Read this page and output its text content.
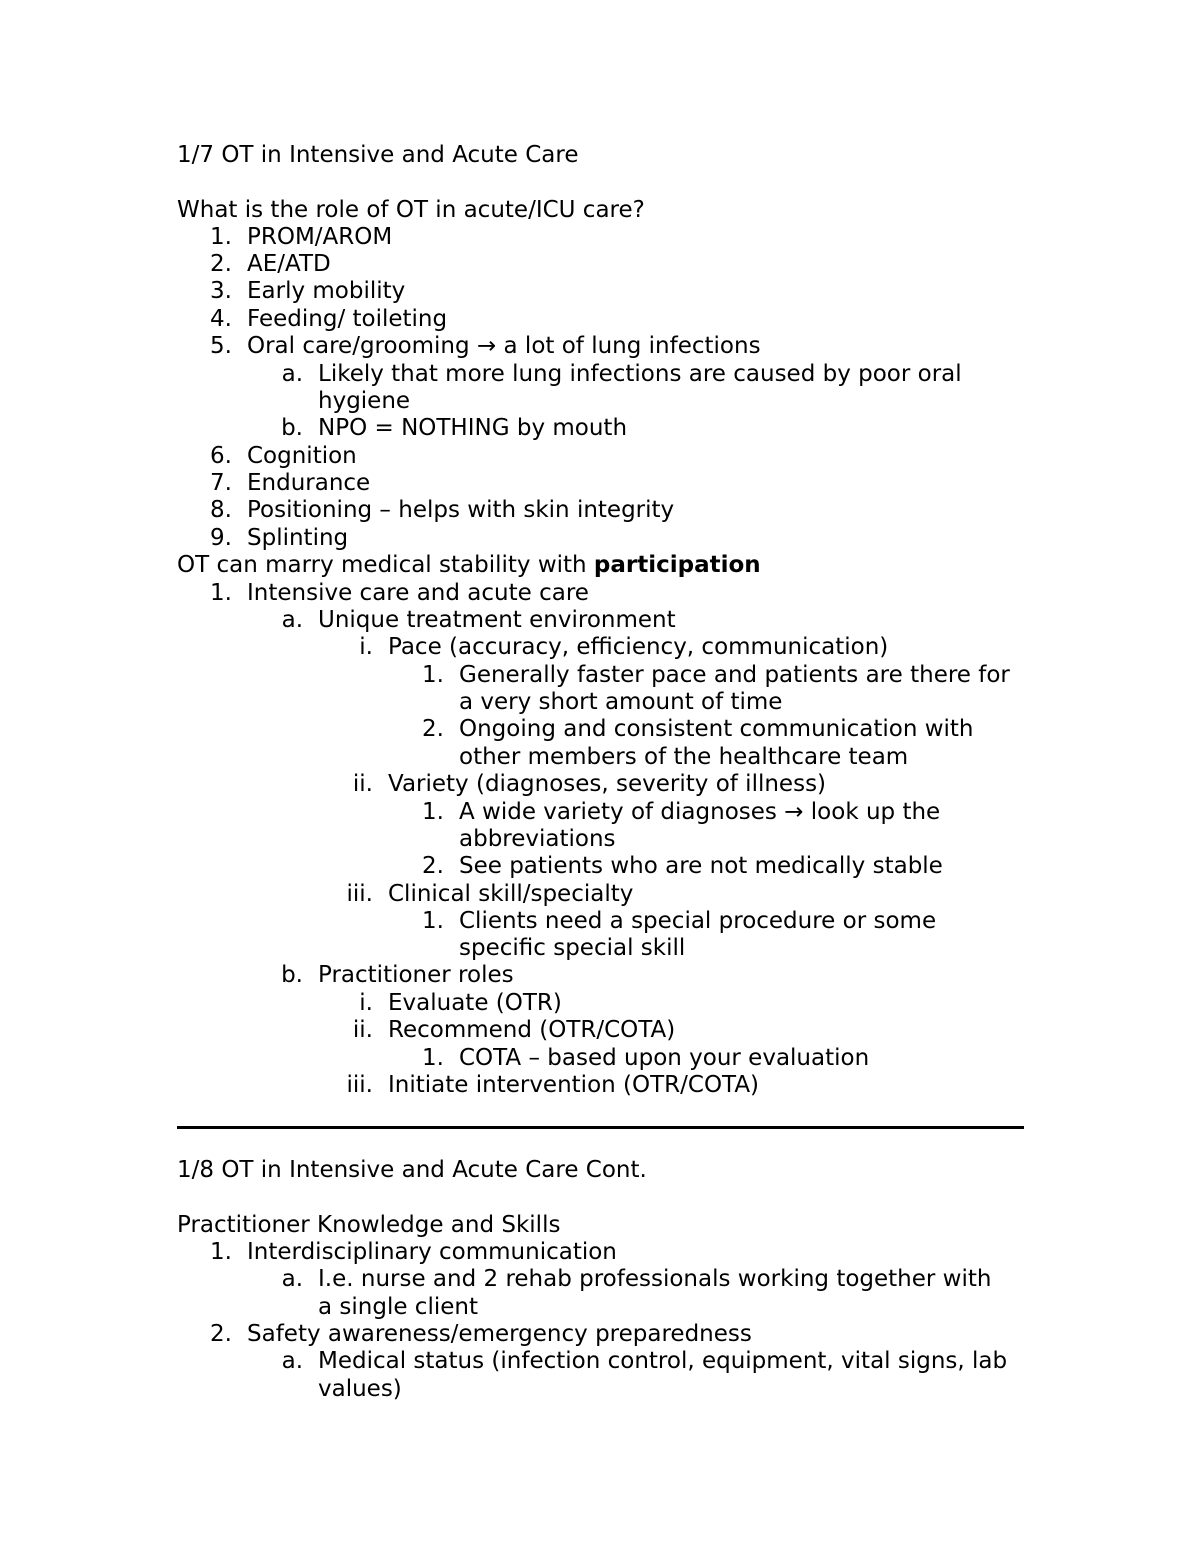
1/7 OT in Intensive and Acute Care
What is the role of OT in acute/ICU care?
1. PROM/AROM
2. AE/ATD
3. Early mobility
4. Feeding/ toileting
5. Oral care/grooming → a lot of lung infections
a. Likely that more lung infections are caused by poor oral
hygiene
b. NPO = NOTHING by mouth
6. Cognition
7. Endurance
8. Positioning – helps with skin integrity
9. Splinting
OT can marry medical stability with participation
1. Intensive care and acute care
a. Unique treatment environment
i. Pace (accuracy, efficiency, communication)
1. Generally faster pace and patients are there for
a very short amount of time
2. Ongoing and consistent communication with
other members of the healthcare team
ii. Variety (diagnoses, severity of illness)
1. A wide variety of diagnoses → look up the
abbreviations
2. See patients who are not medically stable
iii. Clinical skill/specialty
1. Clients need a special procedure or some
specific special skill
b. Practitioner roles
i. Evaluate (OTR)
ii. Recommend (OTR/COTA)
1. COTA – based upon your evaluation
iii. Initiate intervention (OTR/COTA)
1/8 OT in Intensive and Acute Care Cont.
Practitioner Knowledge and Skills
1. Interdisciplinary communication
a. I.e. nurse and 2 rehab professionals working together with
a single client
2. Safety awareness/emergency preparedness
a. Medical status (infection control, equipment, vital signs, lab
values)
